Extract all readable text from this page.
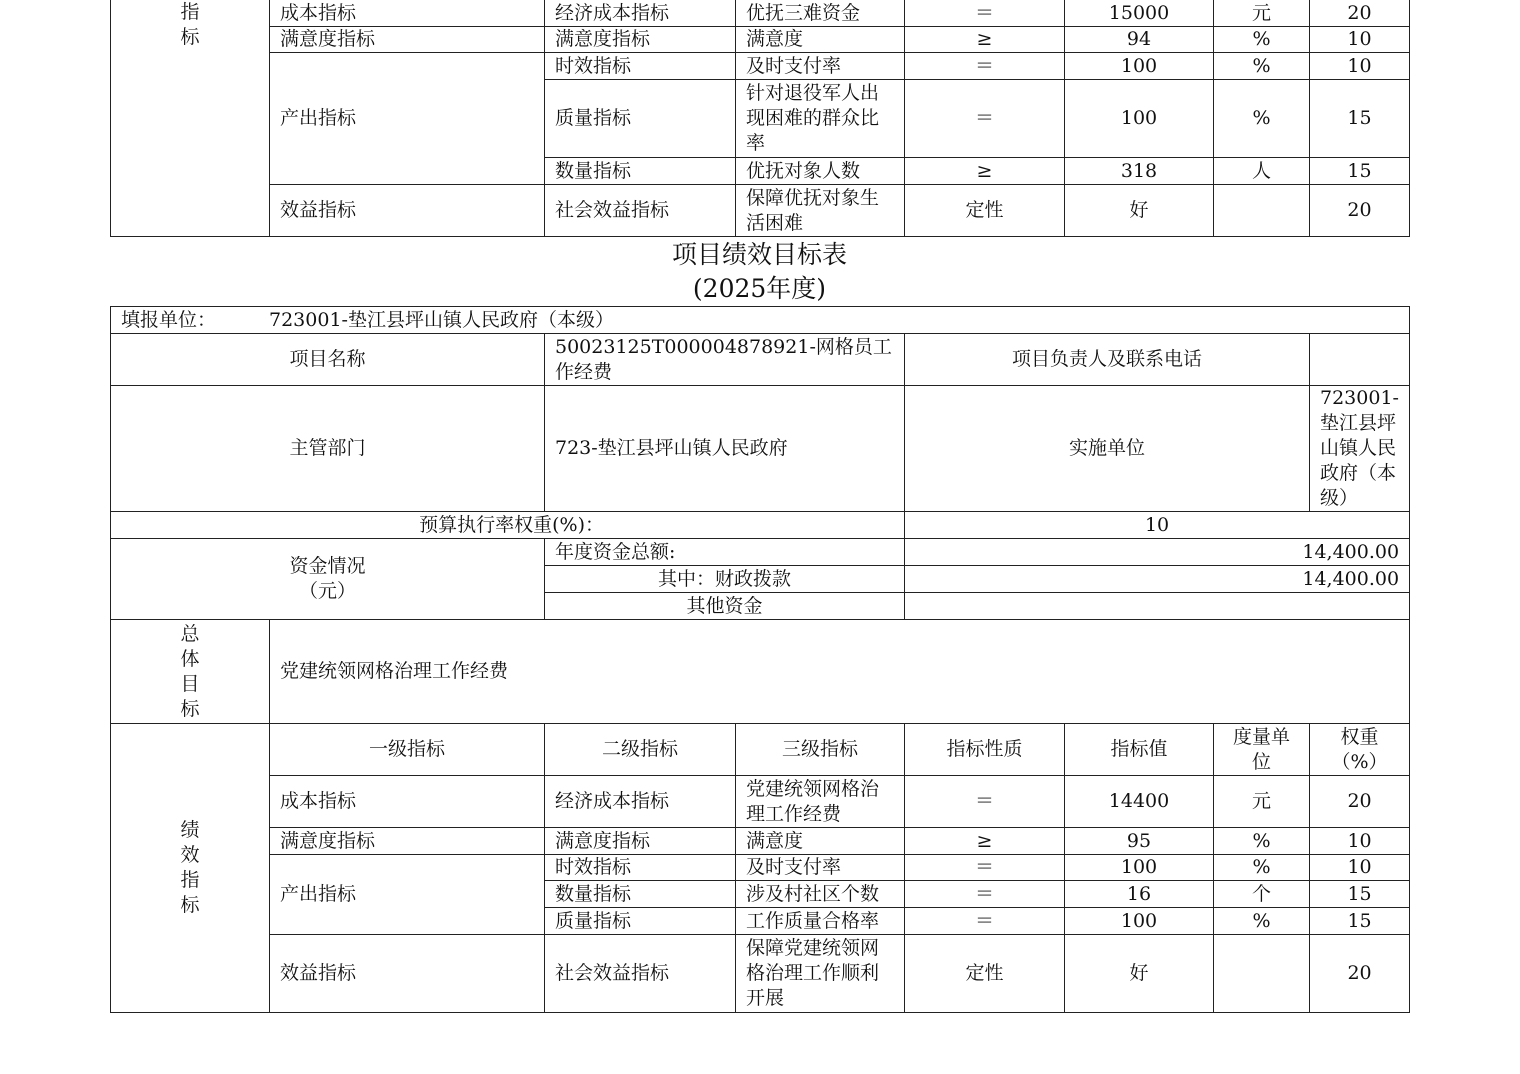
指
标	成本指标	经济成本指标	优抚三难资金	＝	15000	元	20
	满意度指标	满意度指标	满意度	≥	94	%	10
	产出指标	时效指标	及时支付率	＝	100	%	10
		质量指标	针对退役军人出现困难的群众比率	＝	100	%	15
		数量指标	优抚对象人数	≥	318	人	15
	效益指标	社会效益指标	保障优抚对象生活困难	定性	好		20
项目绩效目标表
(2025年度)
填报单位： 723001-垫江县坪山镇人民政府（本级）							
项目名称		50023125T000004878921-网格员工作经费		项目负责人及联系电话			
主管部门		723-垫江县坪山镇人民政府		实施单位			723001-垫江县坪山镇人民政府（本级）
预算执行率权重(%)：				10			

资金情况
（元）		年度资金总额:		14,400.00			
		其中：财政拨款		14,400.00			
		其他资金					

总
体
目
标	党建统领网格治理工作经费						

绩
效
指
标	一级指标	二级指标	三级指标	指标性质	指标值	度量单位	权重（%）
	成本指标	经济成本指标	党建统领网格治理工作经费	＝	14400	元	20
	满意度指标	满意度指标	满意度	≥	95	%	10
	产出指标	时效指标	及时支付率	＝	100	%	10
		数量指标	涉及村社区个数	＝	16	个	15
		质量指标	工作质量合格率	＝	100	%	15
	效益指标	社会效益指标	保障党建统领网格治理工作顺利开展	定性	好		20
